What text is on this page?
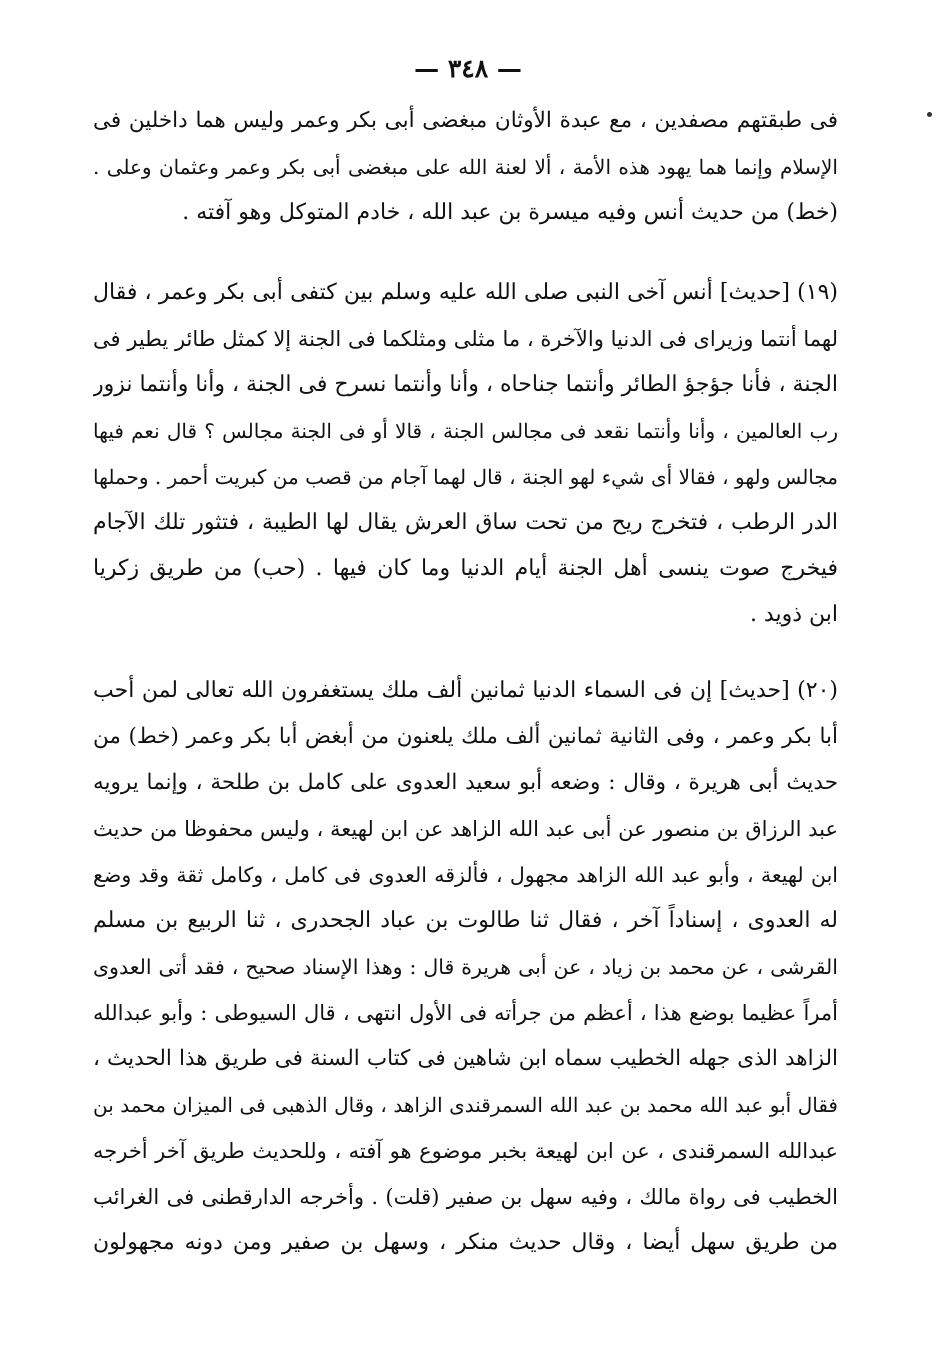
— ٣٤٨ —
فى طبقتهم مصفدين ، مع عبدة الأوثان مبغضى أبى بكر وعمر وليس هما داخلين فى
الإسلام وإنما هما يهود هذه الأمة ، ألا لعنة الله على مبغضى أبى بكر وعمر وعثمان وعلى .
(خط) من حديث أنس وفيه ميسرة بن عبد الله ، خادم المتوكل وهو آفته .
(١٩) [حديث] أنس آخى النبى صلى الله عليه وسلم بين كتفى أبى بكر وعمر ، فقال
لهما أنتما وزيراى فى الدنيا والآخرة ، ما مثلى ومثلكما فى الجنة إلا كمثل طائر يطير فى
الجنة ، فأنا جؤجؤ الطائر وأنتما جناحاه ، وأنا وأنتما نسرح فى الجنة ، وأنا وأنتما نزور
رب العالمين ، وأنا وأنتما نقعد فى مجالس الجنة ، قالا أو فى الجنة مجالس ؟ قال نعم فيها
مجالس ولهو ، فقالا أى شيء لهو الجنة ، قال لهما آجام من قصب من كبريت أحمر . وحملها
الدر الرطب ، فتخرج ريح من تحت ساق العرش يقال لها الطيبة ، فتثور تلك الآجام
فيخرج صوت ينسى أهل الجنة أيام الدنيا وما كان فيها . (حب) من طريق زكريا
ابن ذويد .
(٢٠) [حديث] إن فى السماء الدنيا ثمانين ألف ملك يستغفرون الله تعالى لمن أحب
أبا بكر وعمر ، وفى الثانية ثمانين ألف ملك يلعنون من أبغض أبا بكر وعمر (خط) من
حديث أبى هريرة ، وقال : وضعه أبو سعيد العدوى على كامل بن طلحة ، وإنما يرويه
عبد الرزاق بن منصور عن أبى عبد الله الزاهد عن ابن لهيعة ، وليس محفوظا من حديث
ابن لهيعة ، وأبو عبد الله الزاهد مجهول ، فألزقه العدوى فى كامل ، وكامل ثقة وقد وضع
له العدوى ، إسناداً آخر ، فقال ثنا طالوت بن عباد الجحدرى ، ثنا الربيع بن مسلم
القرشى ، عن محمد بن زياد ، عن أبى هريرة قال : وهذا الإسناد صحيح ، فقد أتى العدوى
أمراً عظيما بوضع هذا ، أعظم من جرأته فى الأول انتهى ، قال السيوطى : وأبو عبدالله
الزاهد الذى جهله الخطيب سماه ابن شاهين فى كتاب السنة فى طريق هذا الحديث ،
فقال أبو عبد الله محمد بن عبد الله السمرقندى الزاهد ، وقال الذهبى فى الميزان محمد بن
عبدالله السمرقندى ، عن ابن لهيعة بخبر موضوع هو آفته ، وللحديث طريق آخر أخرجه
الخطيب فى رواة مالك ، وفيه سهل بن صفير (قلت) . وأخرجه الدارقطنى فى الغرائب
من طريق سهل أيضا ، وقال حديث منكر ، وسهل بن صفير ومن دونه مجهولون
